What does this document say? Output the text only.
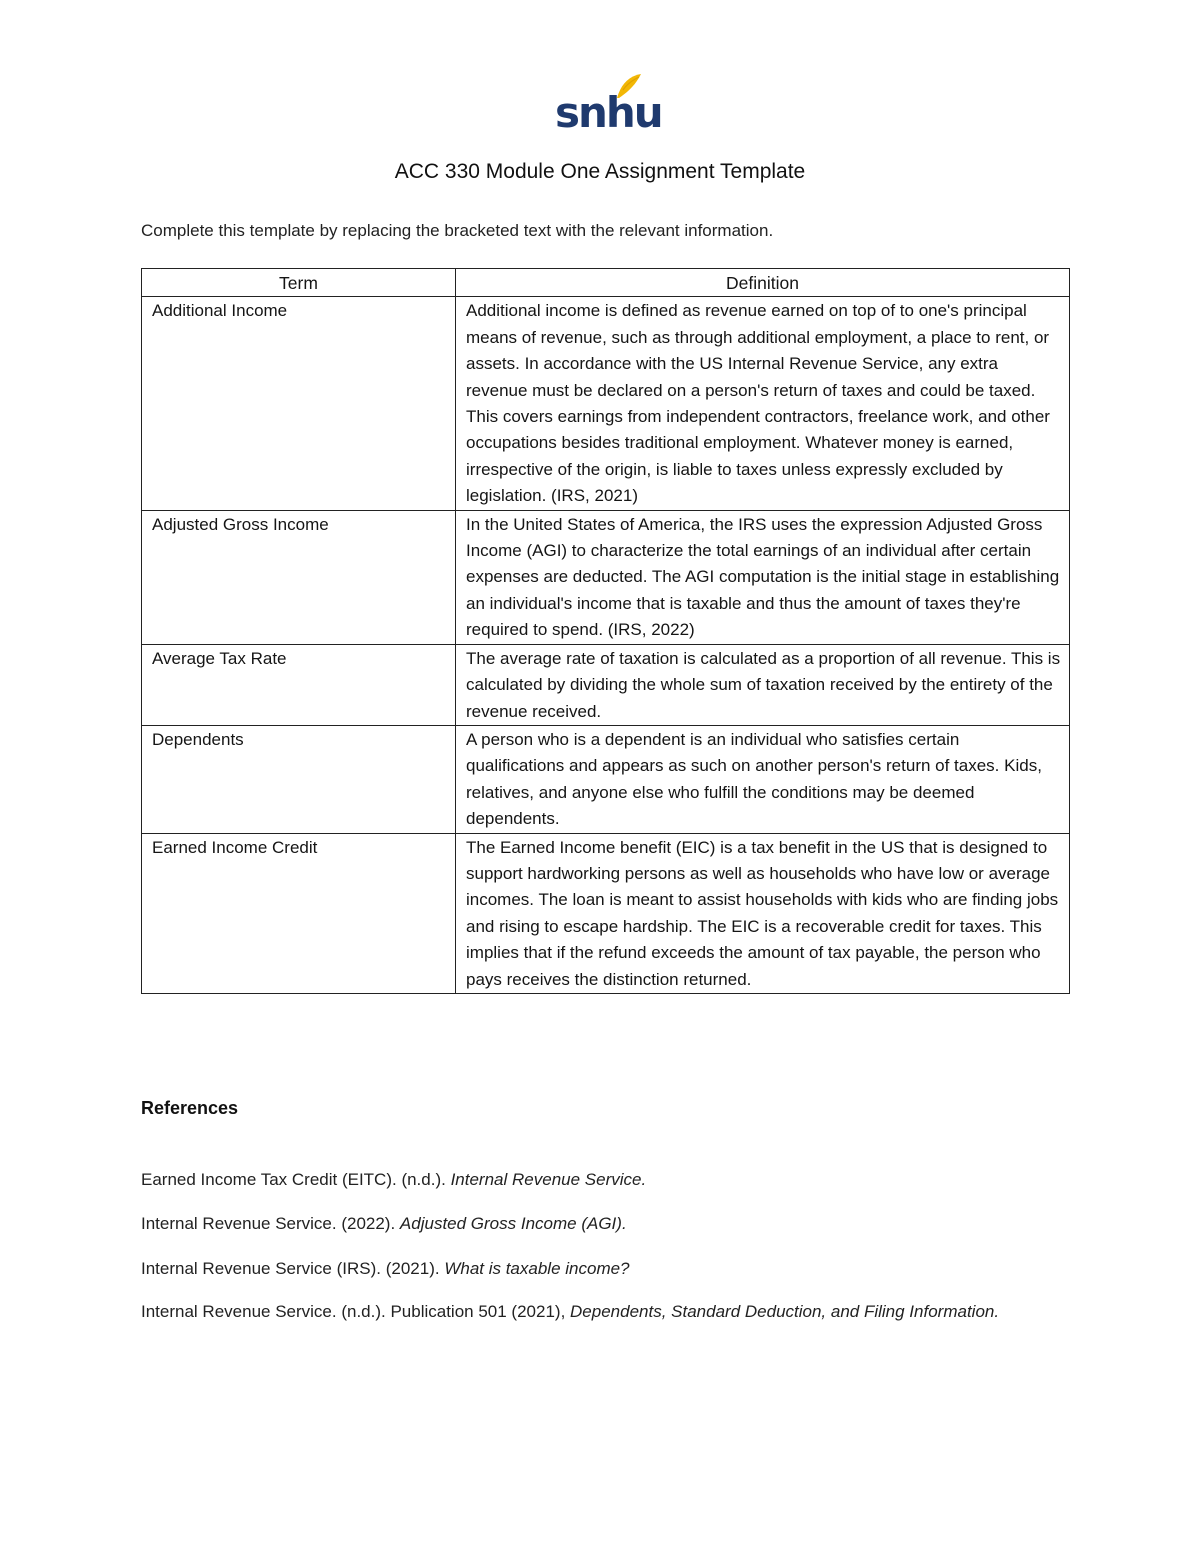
snhu
ACC 330 Module One Assignment Template
Complete this template by replacing the bracketed text with the relevant information.
Term	Definition
Additional Income	Additional income is defined as revenue earned on top of to one's principal means of revenue, such as through additional employment, a place to rent, or assets. In accordance with the US Internal Revenue Service, any extra revenue must be declared on a person's return of taxes and could be taxed. This covers earnings from independent contractors, freelance work, and other occupations besides traditional employment. Whatever money is earned, irrespective of the origin, is liable to taxes unless expressly excluded by legislation. (IRS, 2021)
Adjusted Gross Income	In the United States of America, the IRS uses the expression Adjusted Gross Income (AGI) to characterize the total earnings of an individual after certain expenses are deducted. The AGI computation is the initial stage in establishing an individual's income that is taxable and thus the amount of taxes they're required to spend. (IRS, 2022)
Average Tax Rate	The average rate of taxation is calculated as a proportion of all revenue. This is calculated by dividing the whole sum of taxation received by the entirety of the revenue received.
Dependents	A person who is a dependent is an individual who satisfies certain qualifications and appears as such on another person's return of taxes. Kids, relatives, and anyone else who fulfill the conditions may be deemed dependents.
Earned Income Credit	The Earned Income benefit (EIC) is a tax benefit in the US that is designed to support hardworking persons as well as households who have low or average incomes. The loan is meant to assist households with kids who are finding jobs and rising to escape hardship. The EIC is a recoverable credit for taxes. This implies that if the refund exceeds the amount of tax payable, the person who pays receives the distinction returned.
References
Earned Income Tax Credit (EITC). (n.d.). Internal Revenue Service.
Internal Revenue Service. (2022). Adjusted Gross Income (AGI).
Internal Revenue Service (IRS). (2021). What is taxable income?
Internal Revenue Service. (n.d.). Publication 501 (2021), Dependents, Standard Deduction, and Filing Information.
